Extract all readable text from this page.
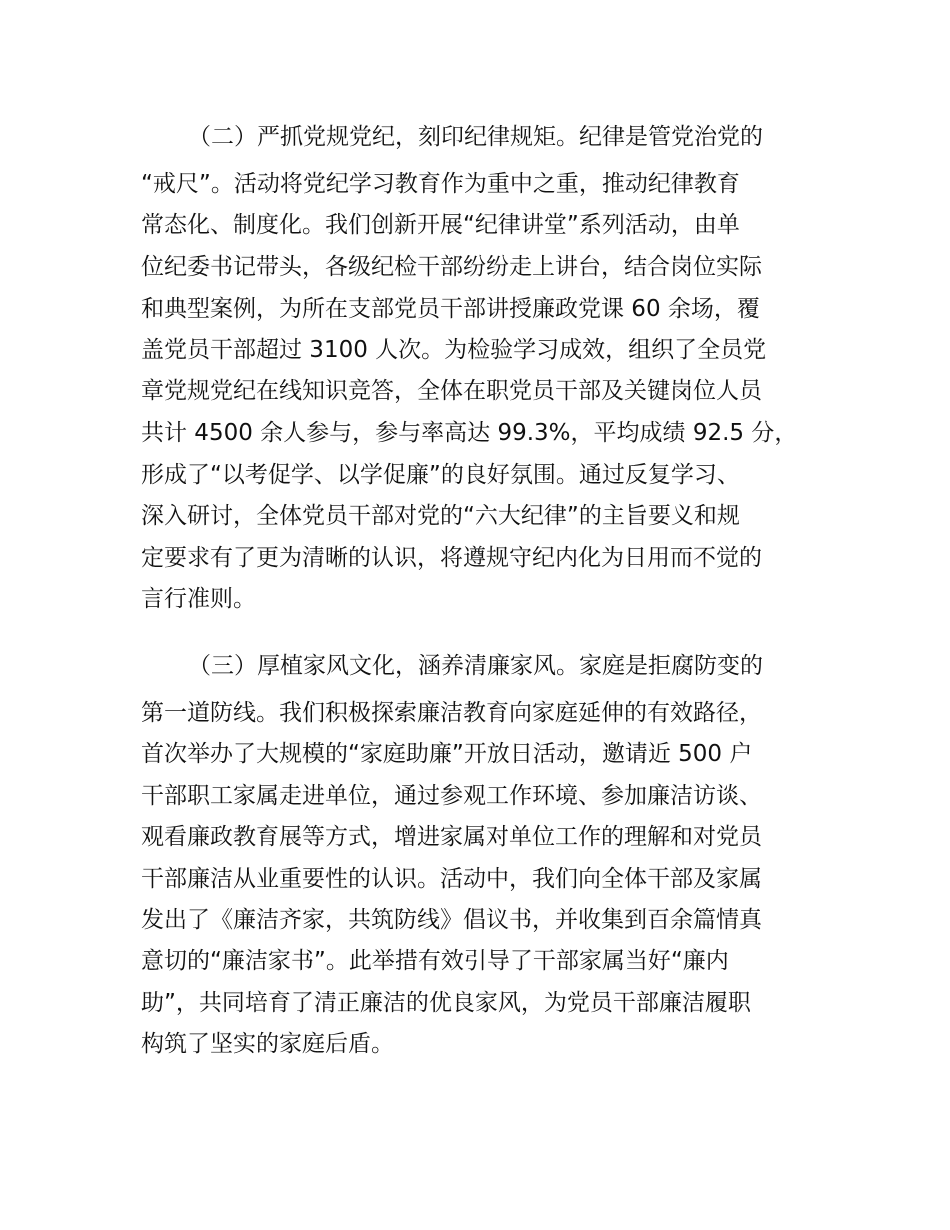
（二）严抓党规党纪，刻印纪律规矩。纪律是管党治党的
“戒尺”。活动将党纪学习教育作为重中之重，推动纪律教育
常态化、制度化。我们创新开展“纪律讲堂”系列活动，由单
位纪委书记带头，各级纪检干部纷纷走上讲台，结合岗位实际
和典型案例，为所在支部党员干部讲授廉政党课 60 余场，覆
盖党员干部超过 3100 人次。为检验学习成效，组织了全员党
章党规党纪在线知识竞答，全体在职党员干部及关键岗位人员
共计 4500 余人参与，参与率高达 99.3%，平均成绩 92.5 分，
形成了“以考促学、以学促廉”的良好氛围。通过反复学习、
深入研讨，全体党员干部对党的“六大纪律”的主旨要义和规
定要求有了更为清晰的认识，将遵规守纪内化为日用而不觉的
言行准则。
（三）厚植家风文化，涵养清廉家风。家庭是拒腐防变的
第一道防线。我们积极探索廉洁教育向家庭延伸的有效路径，
首次举办了大规模的“家庭助廉”开放日活动，邀请近 500 户
干部职工家属走进单位，通过参观工作环境、参加廉洁访谈、
观看廉政教育展等方式，增进家属对单位工作的理解和对党员
干部廉洁从业重要性的认识。活动中，我们向全体干部及家属
发出了《廉洁齐家，共筑防线》倡议书，并收集到百余篇情真
意切的“廉洁家书”。此举措有效引导了干部家属当好“廉内
助”，共同培育了清正廉洁的优良家风，为党员干部廉洁履职
构筑了坚实的家庭后盾。
